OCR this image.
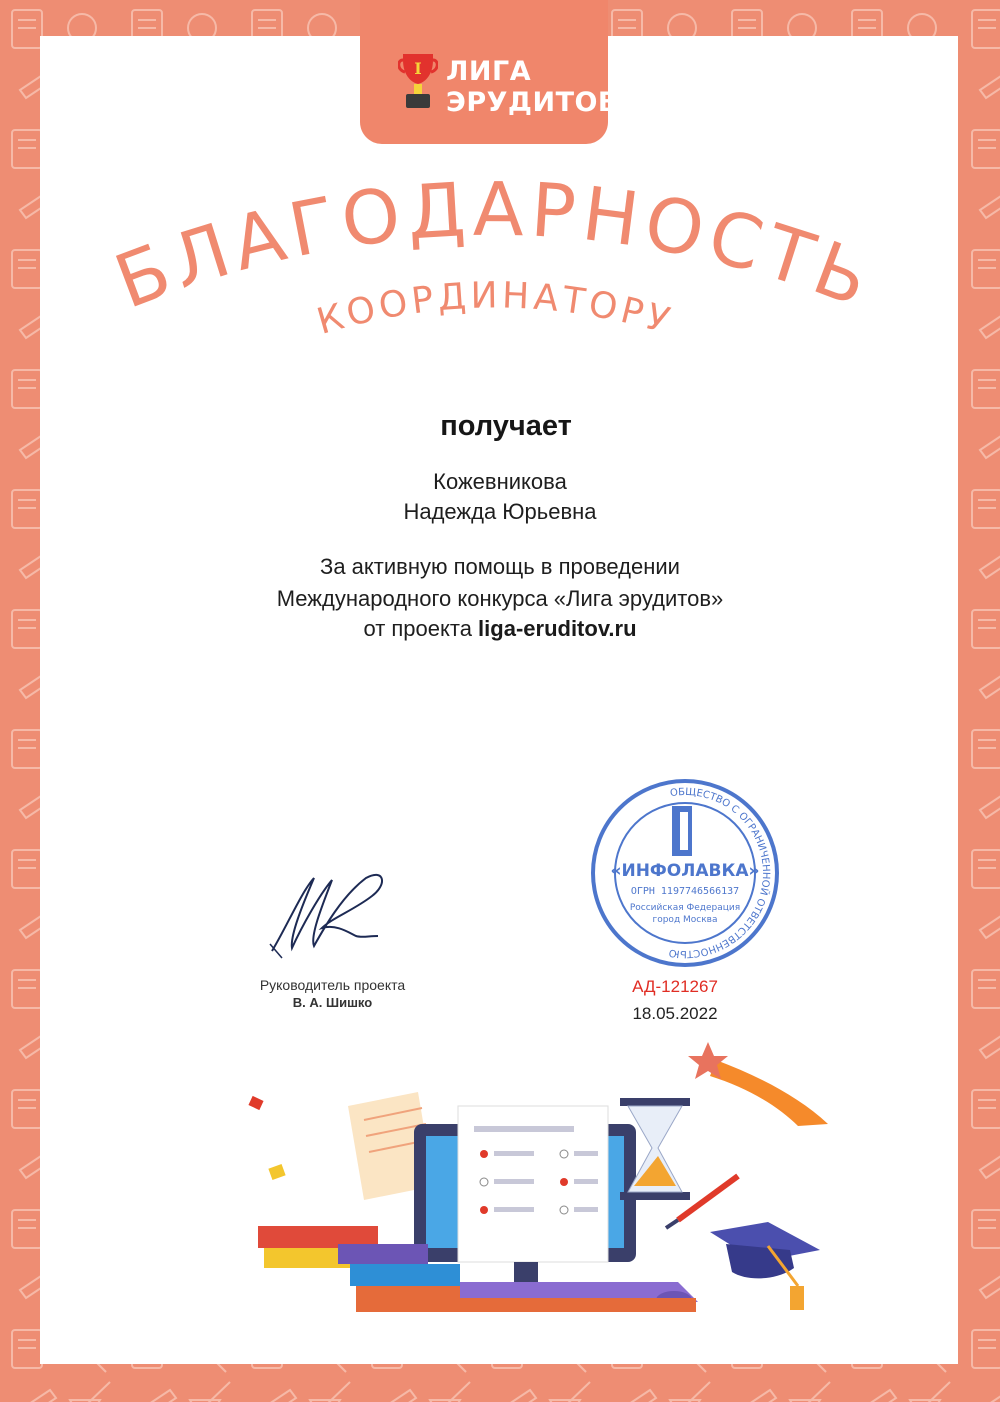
I ЛИГА
ЭРУДИТОВ
БЛАГОДАРНОСТЬ
КООРДИНАТОРУ
получает
Кожевникова
Надежда Юрьевна
За активную помощь в проведении
Международного конкурса «Лига эрудитов»
от проекта liga-eruditov.ru
Руководитель проекта
В. А. Шишко
ОБЩЕСТВО С ОГРАНИЧЕННОЙ ОТВЕТСТВЕННОСТЬЮ
«ИНФОЛАВКА»
ОГРН 1197746566137
Российская Федерация
город Москва
АД-121267
18.05.2022
